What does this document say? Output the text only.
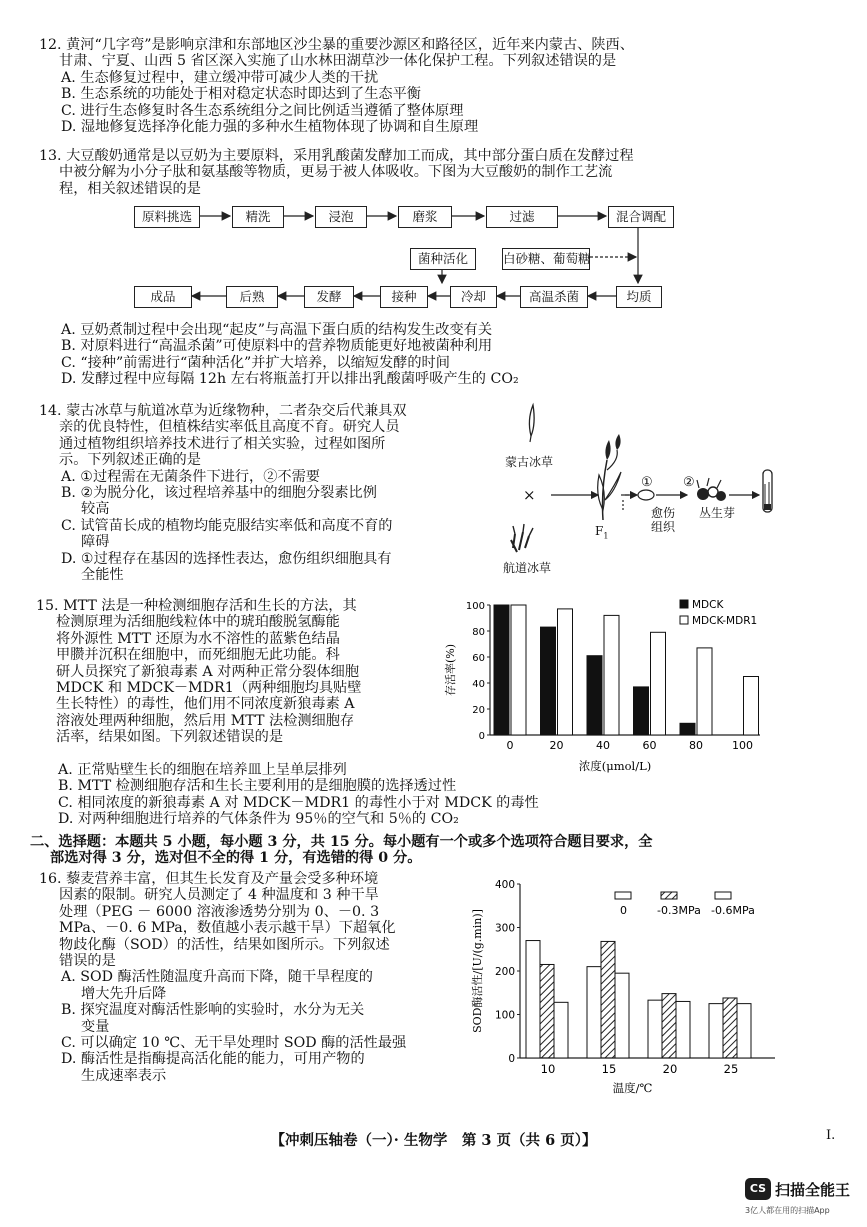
12. 黄河“几字弯”是影响京津和东部地区沙尘暴的重要沙源区和路径区，近年来内蒙古、陕西、

甘肃、宁夏、山西 5 省区深入实施了山水林田湖草沙一体化保护工程。下列叙述错误的是

A. 生态修复过程中，建立缓冲带可减少人类的干扰

B. 生态系统的功能处于相对稳定状态时即达到了生态平衡

C. 进行生态修复时各生态系统组分之间比例适当遵循了整体原理

D. 湿地修复选择净化能力强的多种水生植物体现了协调和自生原理

13. 大豆酸奶通常是以豆奶为主要原料，采用乳酸菌发酵加工而成，其中部分蛋白质在发酵过程

中被分解为小分子肽和氨基酸等物质，更易于被人体吸收。下图为大豆酸奶的制作工艺流

程，相关叙述错误的是

原料挑选	精洗	浸泡	磨浆	过滤	混合调配
菌种活化	白砂糖、葡萄糖
均质
高温杀菌
冷却
接种
发酵
后熟
成品

A. 豆奶煮制过程中会出现“起皮”与高温下蛋白质的结构发生改变有关

B. 对原料进行“高温杀菌”可使原料中的营养物质能更好地被菌种利用

C. “接种”前需进行“菌种活化”并扩大培养，以缩短发酵的时间

D. 发酵过程中应每隔 12h 左右将瓶盖打开以排出乳酸菌呼吸产生的 CO₂

14. 蒙古冰草与航道冰草为近缘物种，二者杂交后代兼具双

亲的优良特性，但植株结实率低且高度不育。研究人员

通过植物组织培养技术进行了相关实验，过程如图所

示。下列叙述正确的是

A. ①过程需在无菌条件下进行，②不需要

B. ②为脱分化，该过程培养基中的细胞分裂素比例

较高

C. 试管苗长成的植物均能克服结实率低和高度不育的

障碍

D. ①过程存在基因的选择性表达，愈伤组织细胞具有

全能性

蒙古冰草
×
$F_1$
① ②
愈伤
组织
丛生芽
航道冰草

15. MTT 法是一种检测细胞存活和生长的方法，其

检测原理为活细胞线粒体中的琥珀酸脱氢酶能

将外源性 MTT 还原为水不溶性的蓝紫色结晶

甲臜并沉积在细胞中，而死细胞无此功能。科

研人员探究了新狼毒素 A 对两种正常分裂体细胞

MDCK 和 MDCK－MDR1（两种细胞均具贴壁

生长特性）的毒性，他们用不同浓度新狼毒素 A

溶液处理两种细胞，然后用 MTT 法检测细胞存

活率，结果如图。下列叙述错误的是	0
20
40
60
80
100
0	20	40	60	80	100
存活率(%)
浓度(μmol/L)
MDCK
MDCK-MDR1

A. 正常贴壁生长的细胞在培养皿上呈单层排列

B. MTT 检测细胞存活和生长主要利用的是细胞膜的选择透过性

C. 相同浓度的新狼毒素 A 对 MDCK－MDR1 的毒性小于对 MDCK 的毒性

D. 对两种细胞进行培养的气体条件为 95％的空气和 5％的 CO₂

二、选择题：本题共 5 小题，每小题 3 分，共 15 分。每小题有一个或多个选项符合题目要求，全

部选对得 3 分，选对但不全的得 1 分，有选错的得 0 分。

16. 藜麦营养丰富，但其生长发育及产量会受多种环境

因素的限制。研究人员测定了 4 种温度和 3 种干旱

处理（PEG － 6000 溶液渗透势分别为 0、－0. 3

MPa、－0. 6 MPa，数值越小表示越干旱）下超氧化

物歧化酶（SOD）的活性，结果如图所示。下列叙述

错误的是

A. SOD 酶活性随温度升高而下降，随干旱程度的

增大先升后降

B. 探究温度对酶活性影响的实验时，水分为无关

变量

C. 可以确定 10 ℃、无干旱处理时 SOD 酶的活性最强

D. 酶活性是指酶提高活化能的能力，可用产物的

生成速率表示

0
100
200
300
400
10	15	20	25
SOD酶活性/[U/(g.min)]
温度/℃
0	-0.3MPa -0.6MPa
【冲刺压轴卷（一）· 生物学　第 3 页（共 6 页）】	I.
CS 扫描全能王
3亿人都在用的扫描App
